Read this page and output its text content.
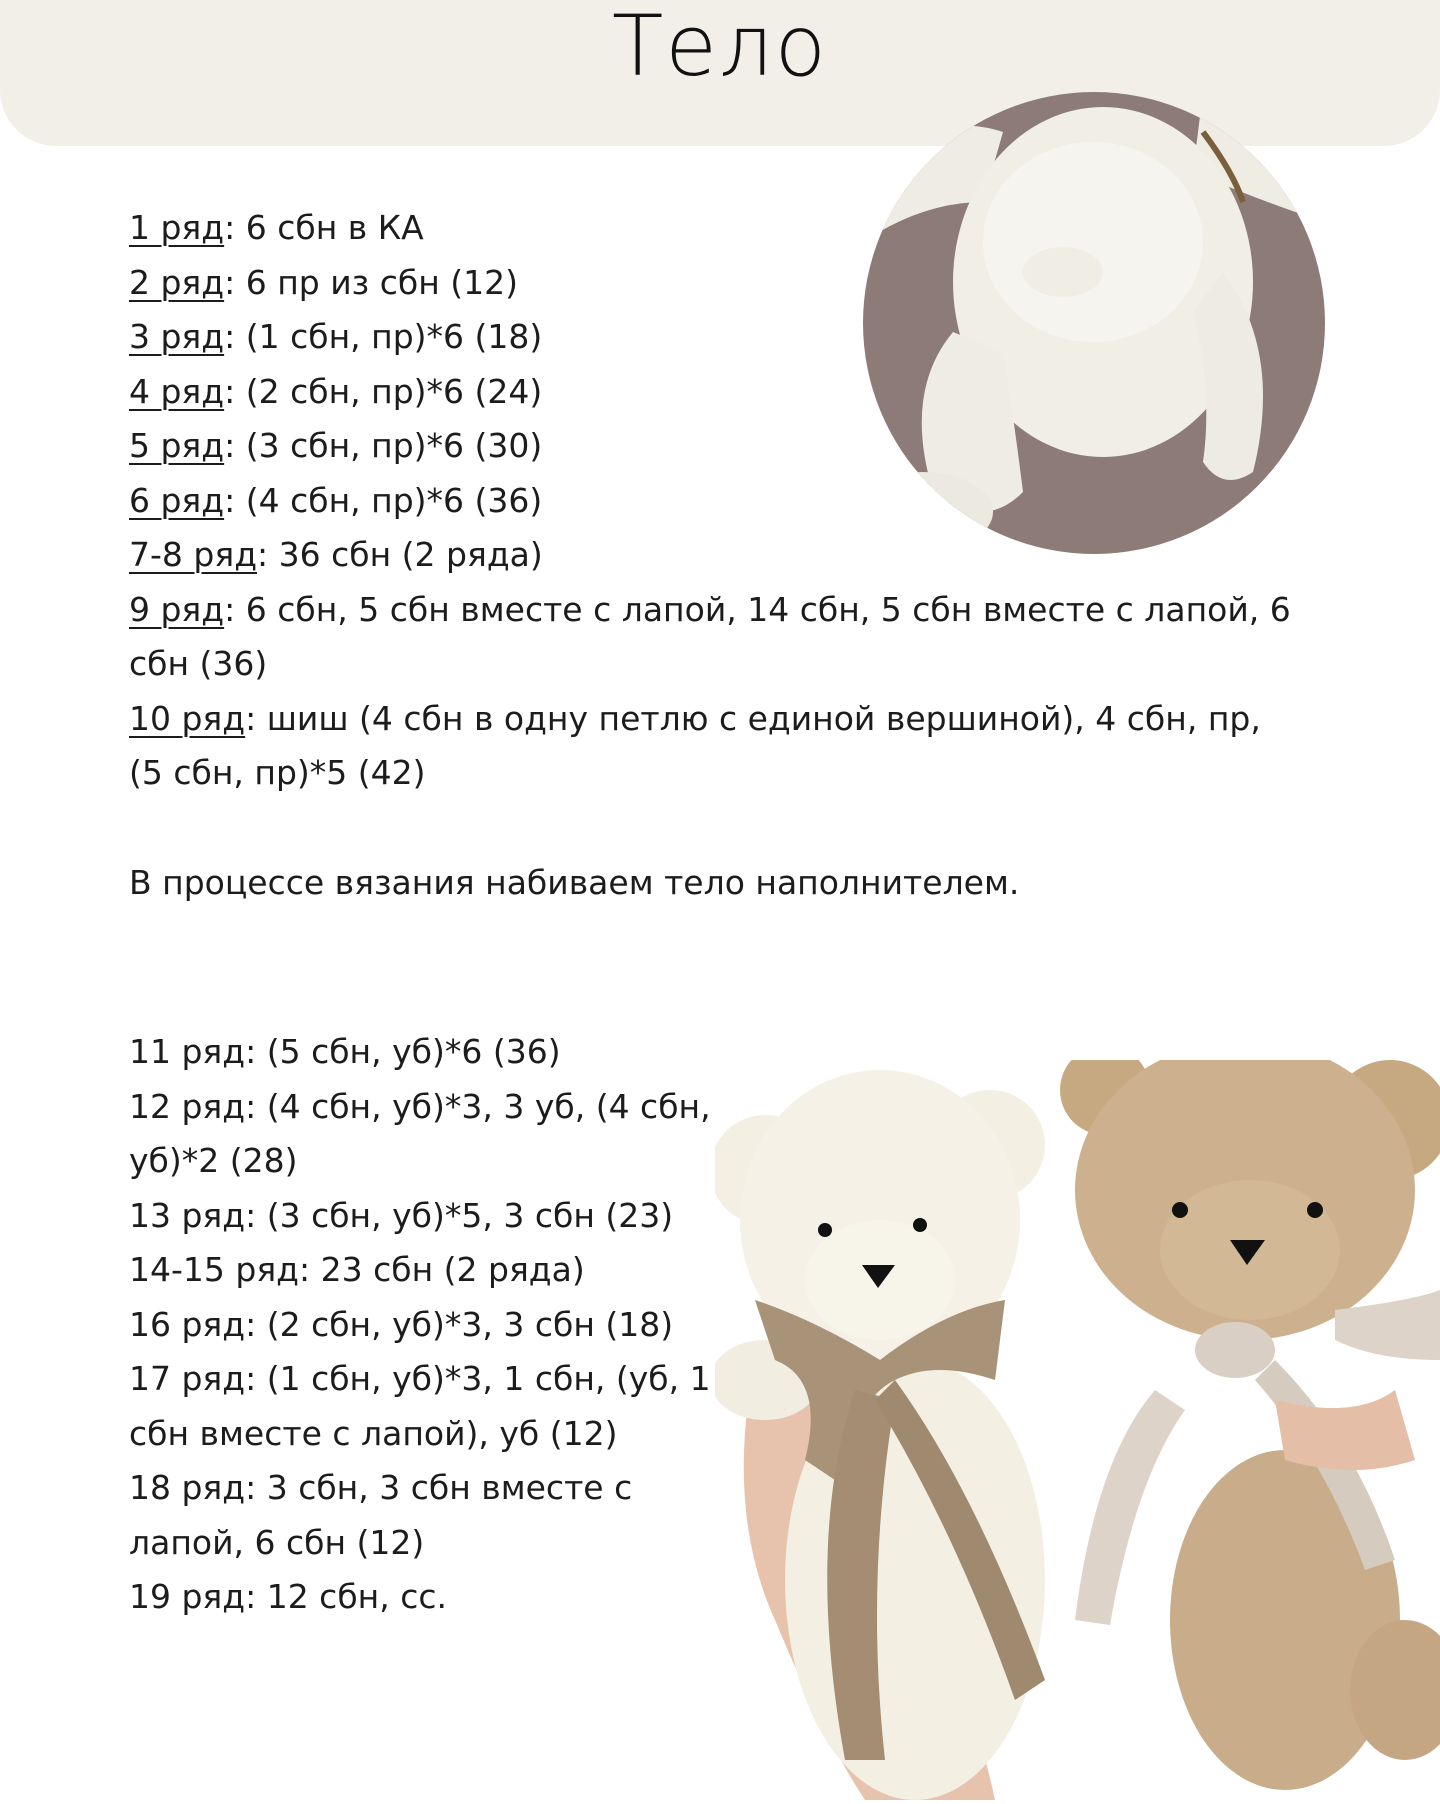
Тело
1 ряд: 6 сбн в КА
2 ряд: 6 пр из сбн (12)
3 ряд: (1 сбн, пр)*6 (18)
4 ряд: (2 сбн, пр)*6 (24)
5 ряд: (3 сбн, пр)*6 (30)
6 ряд: (4 сбн, пр)*6 (36)
7-8 ряд: 36 сбн (2 ряда)
9 ряд: 6 сбн, 5 сбн вместе с лапой, 14 сбн, 5 сбн вместе с лапой, 6
сбн (36)
10 ряд: шиш (4 сбн в одну петлю с единой вершиной), 4 сбн, пр,
(5 сбн, пр)*5 (42)
В процессе вязания набиваем тело наполнителем.
11 ряд: (5 сбн, уб)*6 (36)
12 ряд: (4 сбн, уб)*3, 3 уб, (4 сбн,
уб)*2 (28)
13 ряд: (3 сбн, уб)*5, 3 сбн (23)
14-15 ряд: 23 сбн (2 ряда)
16 ряд: (2 сбн, уб)*3, 3 сбн (18)
17 ряд: (1 сбн, уб)*3, 1 сбн, (уб, 1
сбн вместе с лапой), уб (12)
18 ряд: 3 сбн, 3 сбн вместе с
лапой, 6 сбн (12)
19 ряд: 12 сбн, сс.
